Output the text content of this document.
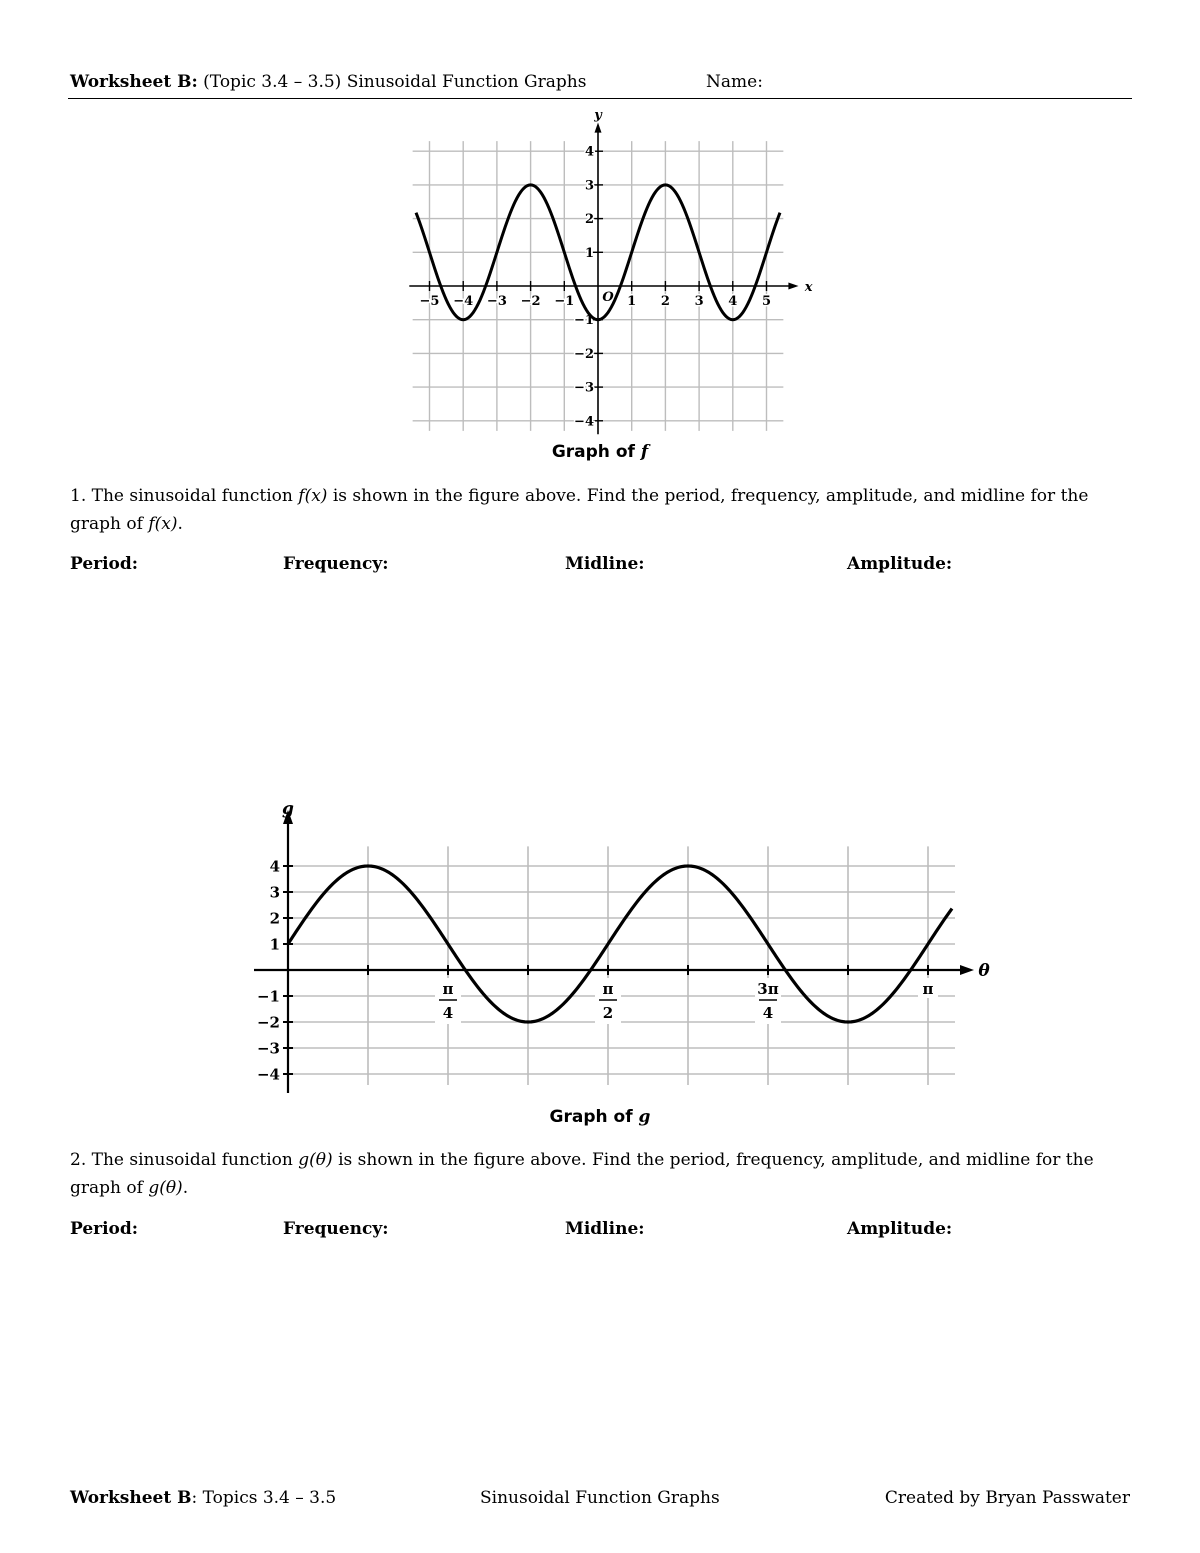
Worksheet B: (Topic 3.4 – 3.5) Sinusoidal Function Graphs	Name:
−5 −4 −3 −2 −1	1 2 3 4 5
4
3
2
1
−1
−2
−3
−4
O
x
y
Graph of f
1. The sinusoidal function f(x) is shown in the figure above. Find the period, frequency, amplitude, and midline for the graph of f(x).
Period:	Frequency:	Midline:	Amplitude:
4
3
2
1
−1
−2
−3
−4
π
4
π
2
3π
4
π
θ
g
Graph of g
2. The sinusoidal function g(θ) is shown in the figure above. Find the period, frequency, amplitude, and midline for the graph of g(θ).
Period:	Frequency:	Midline:	Amplitude:
Worksheet B: Topics 3.4 – 3.5	Sinusoidal Function Graphs	Created by Bryan Passwater
